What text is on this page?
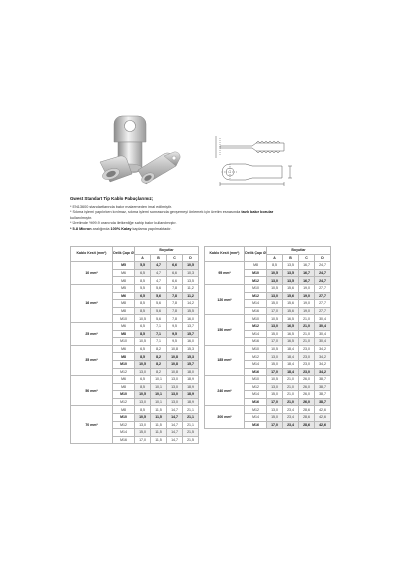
Gwest Standart Tip Kablo Pabuçlarımız;
* EN13600 standartlarında bakır malzemeden imal edilmiştir.
* Sıkma işlemi yapılırken kırılmaz, sıkma işlemi sonrasında gevşemeyi önlemek için üretim esnasında tavlı bakır borular
kullanılmıştır.
* Üretimde %99.9 oranında iletkenliğe sahip bakır kullanılmıştır.
* 5-8 Micron aralığında 100% Kalay kaplama yapılmaktadır.
Kablo Kesit (mm²)	Delik Çapı Ø	Boyutlar			
		A	B	C	D
10 mm²	M5	5,5	4,7	6,6	10,5
	M6	6,5	4,7	6,6	10,3
	M8	8,5	4,7	6,6	13,5
16 mm²	M5	5,5	5,6	7,8	11,2
	M6	6,5	5,6	7,8	11,2
	M8	8,5	5,6	7,8	14,2
	M8	8,5	5,6	7,8	15,5
	M10	10,5	5,6	7,8	16,0
25 mm²	M6	6,5	7,1	9,5	13,7
	M8	8,5	7,1	9,5	15,7
	M10	10,5	7,1	9,5	16,0
35 mm²	M6	6,5	8,2	10,8	15,3
	M8	8,5	8,2	10,8	15,3
	M10	10,5	8,2	10,8	15,7
	M12	13,0	8,2	10,8	18,0
50 mm²	M6	6,5	10,1	13,0	18,9
	M8	8,5	10,1	13,0	18,9
	M10	10,5	10,1	13,0	18,9
	M12	13,0	10,1	13,0	18,9
70 mm²	M8	8,5	11,5	14,7	21,1
	M10	10,5	11,5	14,7	21,1
	M12	13,0	11,5	14,7	21,1
	M14	15,0	11,5	14,7	21,5
	M16	17,0	11,5	14,7	21,5
Kablo Kesit (mm²)	Delik Çapı Ø	Boyutlar			
		A	B	C	D
95 mm²	M8	8,5	13,5	16,7	24,7
	M10	10,5	13,5	16,7	24,7
	M12	13,0	13,5	16,7	24,7
120 mm²	M10	10,5	15,6	19,0	27,7
	M12	13,0	15,6	19,0	27,7
	M14	15,0	15,6	19,0	27,7
	M16	17,0	15,6	19,0	27,7
150 mm²	M10	10,5	16,5	21,0	30,4
	M12	13,0	16,5	21,0	30,4
	M14	15,0	16,5	21,0	30,4
	M16	17,0	16,5	21,0	30,4
185 mm²	M10	10,5	18,4	23,0	34,2
	M12	13,0	18,4	23,0	34,2
	M14	15,0	18,4	23,0	34,2
	M16	17,0	18,4	23,0	34,2
240 mm²	M10	10,5	21,0	26,0	38,7
	M12	13,0	21,0	26,0	38,7
	M14	15,0	21,0	26,0	38,7
	M16	17,0	21,0	26,0	38,7
300 mm²	M12	13,0	23,4	28,6	42,6
	M14	15,0	23,4	28,6	42,6
	M16	17,0	23,4	28,6	42,6
